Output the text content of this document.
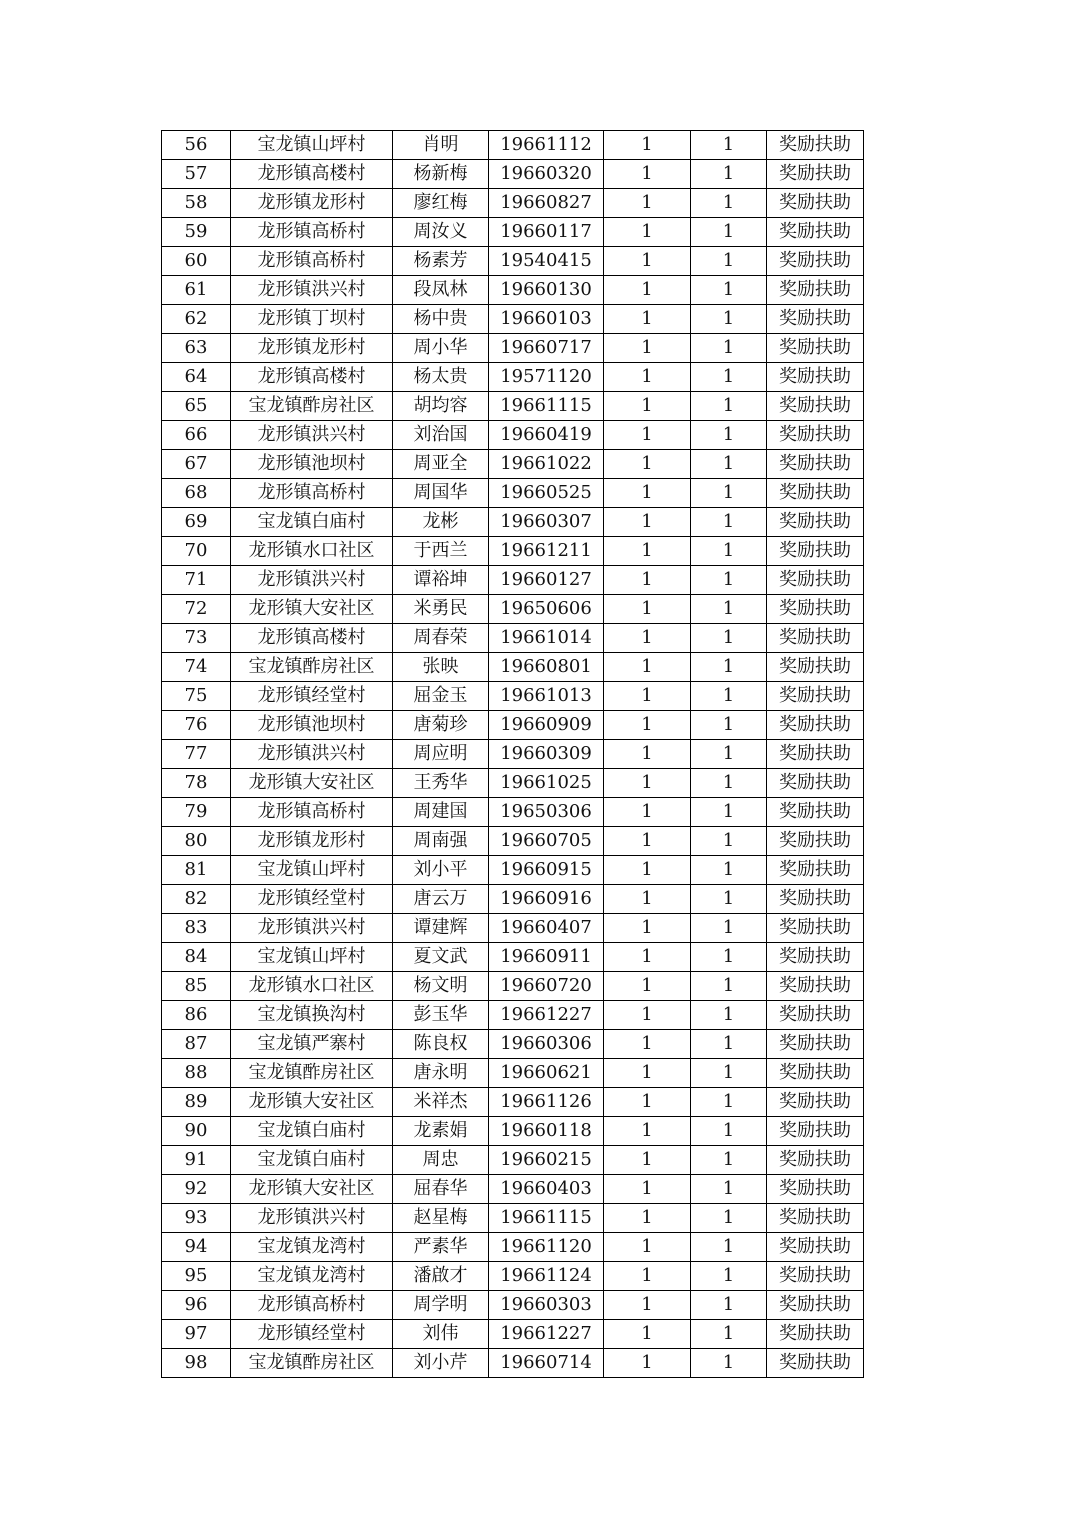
56	宝龙镇山坪村	肖明	19661112	1	1	奖励扶助
57	龙形镇高楼村	杨新梅	19660320	1	1	奖励扶助
58	龙形镇龙形村	廖红梅	19660827	1	1	奖励扶助
59	龙形镇高桥村	周汝义	19660117	1	1	奖励扶助
60	龙形镇高桥村	杨素芳	19540415	1	1	奖励扶助
61	龙形镇洪兴村	段凤林	19660130	1	1	奖励扶助
62	龙形镇丁坝村	杨中贵	19660103	1	1	奖励扶助
63	龙形镇龙形村	周小华	19660717	1	1	奖励扶助
64	龙形镇高楼村	杨太贵	19571120	1	1	奖励扶助
65	宝龙镇酢房社区	胡均容	19661115	1	1	奖励扶助
66	龙形镇洪兴村	刘治国	19660419	1	1	奖励扶助
67	龙形镇池坝村	周亚全	19661022	1	1	奖励扶助
68	龙形镇高桥村	周国华	19660525	1	1	奖励扶助
69	宝龙镇白庙村	龙彬	19660307	1	1	奖励扶助
70	龙形镇水口社区	于西兰	19661211	1	1	奖励扶助
71	龙形镇洪兴村	谭裕坤	19660127	1	1	奖励扶助
72	龙形镇大安社区	米勇民	19650606	1	1	奖励扶助
73	龙形镇高楼村	周春荣	19661014	1	1	奖励扶助
74	宝龙镇酢房社区	张映	19660801	1	1	奖励扶助
75	龙形镇经堂村	屈金玉	19661013	1	1	奖励扶助
76	龙形镇池坝村	唐菊珍	19660909	1	1	奖励扶助
77	龙形镇洪兴村	周应明	19660309	1	1	奖励扶助
78	龙形镇大安社区	王秀华	19661025	1	1	奖励扶助
79	龙形镇高桥村	周建国	19650306	1	1	奖励扶助
80	龙形镇龙形村	周南强	19660705	1	1	奖励扶助
81	宝龙镇山坪村	刘小平	19660915	1	1	奖励扶助
82	龙形镇经堂村	唐云万	19660916	1	1	奖励扶助
83	龙形镇洪兴村	谭建辉	19660407	1	1	奖励扶助
84	宝龙镇山坪村	夏文武	19660911	1	1	奖励扶助
85	龙形镇水口社区	杨文明	19660720	1	1	奖励扶助
86	宝龙镇换沟村	彭玉华	19661227	1	1	奖励扶助
87	宝龙镇严寨村	陈良权	19660306	1	1	奖励扶助
88	宝龙镇酢房社区	唐永明	19660621	1	1	奖励扶助
89	龙形镇大安社区	米祥杰	19661126	1	1	奖励扶助
90	宝龙镇白庙村	龙素娟	19660118	1	1	奖励扶助
91	宝龙镇白庙村	周忠	19660215	1	1	奖励扶助
92	龙形镇大安社区	屈春华	19660403	1	1	奖励扶助
93	龙形镇洪兴村	赵星梅	19661115	1	1	奖励扶助
94	宝龙镇龙湾村	严素华	19661120	1	1	奖励扶助
95	宝龙镇龙湾村	潘啟才	19661124	1	1	奖励扶助
96	龙形镇高桥村	周学明	19660303	1	1	奖励扶助
97	龙形镇经堂村	刘伟	19661227	1	1	奖励扶助
98	宝龙镇酢房社区	刘小芹	19660714	1	1	奖励扶助
